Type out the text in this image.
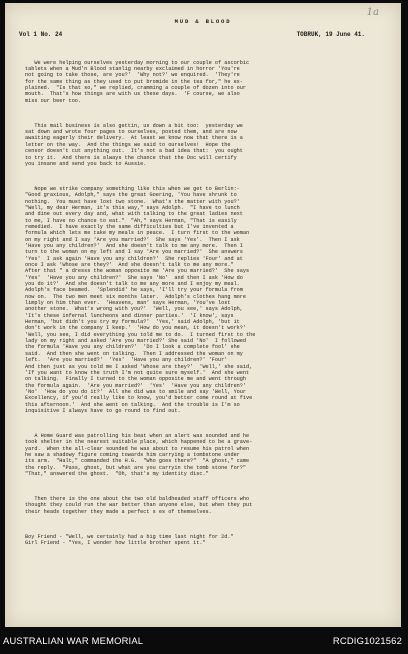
1a
MUD & BLOOD
Vol 1 No. 24	TOBRUK, 19 June 41.

We were helping ourselves yesterday morning to our couple of ascorbic
tablets when a Mud'n Blood stanlig nearby exclaimed in horror 'You're
not going to take those, are you?'  'Why not?' we enquired.  'They're
for the same thing as they used to put bromide in the tea for," he ex-
plained.  "Is that so," we replied, cramming a couple of dozen into our
mouth.  That's how things are with us these days.  'F course, we also
miss our beer too.

This mail business is also gettin, us down a bit too:  yesterday we
sat down and wrote four pages to ourselves, posted them, and are now
awaiting eagerly their delivery.  At least we know now that there is a
letter on the way.  And the things we said to ourselves!  Hope the
censor doesn't cut anything out.  It's not a bad idea that:  you ought
to try it.  And there is always the chance that the Doc will certify
you insane and send you back to Aussie.

Nope we strike company something like this when we get to Berlin:-
"Good graxious, Adolph," says the great Goering, 'You have shrunk to
nothing.  You must have lost two stone.  What's the matter with you?'
"Well, my dear Herman, it's this way," says Adolph.  "I have to lunch
and dine out every day and, what with talking to the great ladies next
to me, I have no chance to eat."  "Ah," says Herman, "That is easily
remedied.  I have exactly the same difficulties but I've invented a
formula which lets me take my meals in peace.  I turn first to the woman
on my right and I say 'Are you married?'  She says 'Yes'.  Then I ask
'Have you any children?'  And she doesn't talk to me any more.  Then I
turn to the woman on my left and I say 'Are you married?'  She answers
'Yes'  I ask again 'Have you any children?'  She replies 'Four' and at
once I ask 'Whose are they?'  And she doesn't talk to me any more."
After that " a dresss the woman opposite me 'Are you married?'  She says
'Yes'  'Have you any children?'  She says 'No'  and then I ask 'How do
you do it?'  And she doesn't talk to me any more and I enjoy my meal.
Adolph's face beamed.  'Splendid' he says, 'I'll try your formula from
now on.  The two men meet six months later.  Adolph's clothes hang more
limply on him than ever.  'Heavens, man' says Herman, 'You've lost
another stone.  What's wrong with you?'  'Well, you see,' says Adolph,
'It's these infernal luncheons and dinner parties.'  'I know', says
Herman, 'but didn't you try my formula?'  'Yes,' said Adolph, 'but it
don't work in the company I keep.'  'How do you mean, it doesn't work?'
'Well, you see, I did everything you told me to do.  I turned first to the
lady on my right and asked 'Are you married?' She said 'No'  I followed
the formula 'Have you any children?'  'Do I look a complete fool' she
said.  And then she went on talking.  Then I addressed the woman on my
left.  'Are you married?'  'Yes'  'Have you any children?' 'Four'
And then just as you told me I asked 'Whose are they?'  'Well,' she said,
'If you want to know the truth I'm not quite sure myself.'  And she went
on talking.  Finally I turned to the woman opposite me and went through
the formula again.  'Are you married?'  'Yes'  'Have you any children?'
'No'  'How do you do it?'  All she did was to smile and say 'Well, Your
Excellency, if you'd really like to know, you'd better come round at five
this afternoon.'  And she went on talking.  And the trouble is I'm so
inquisitive I always have to go round to find out.

A Home Guard was patrolling his beat when an alert was sounded and he
took shelter in the nearest suitable place, which happened to be a grave-
yard.  When the all-clear sounded he was about to resume his patrol when
he saw a shadowy figure coming towards him carrying a tombstone under
its arm.  "Halt," commanded the H.G.  "Who goes there?"  "A ghost," came
the reply.  "Pass, ghost, but what are you carryin the tomb stone for?"
"That," answered the ghost.  "Oh, that's my identity disc."

Then there is the one about the two old baldheaded staff officers who
thought they could run the war better than anyone else, but when they put
their heads together they made a perfect s es of themselves.

Boy Friend - "Well, we certainly had a big time last night for 2d."
Girl Friend - "Yes, I wonder how little brother spent it."

AUSTRALIAN WAR MEMORIAL	RCDIG1021562
